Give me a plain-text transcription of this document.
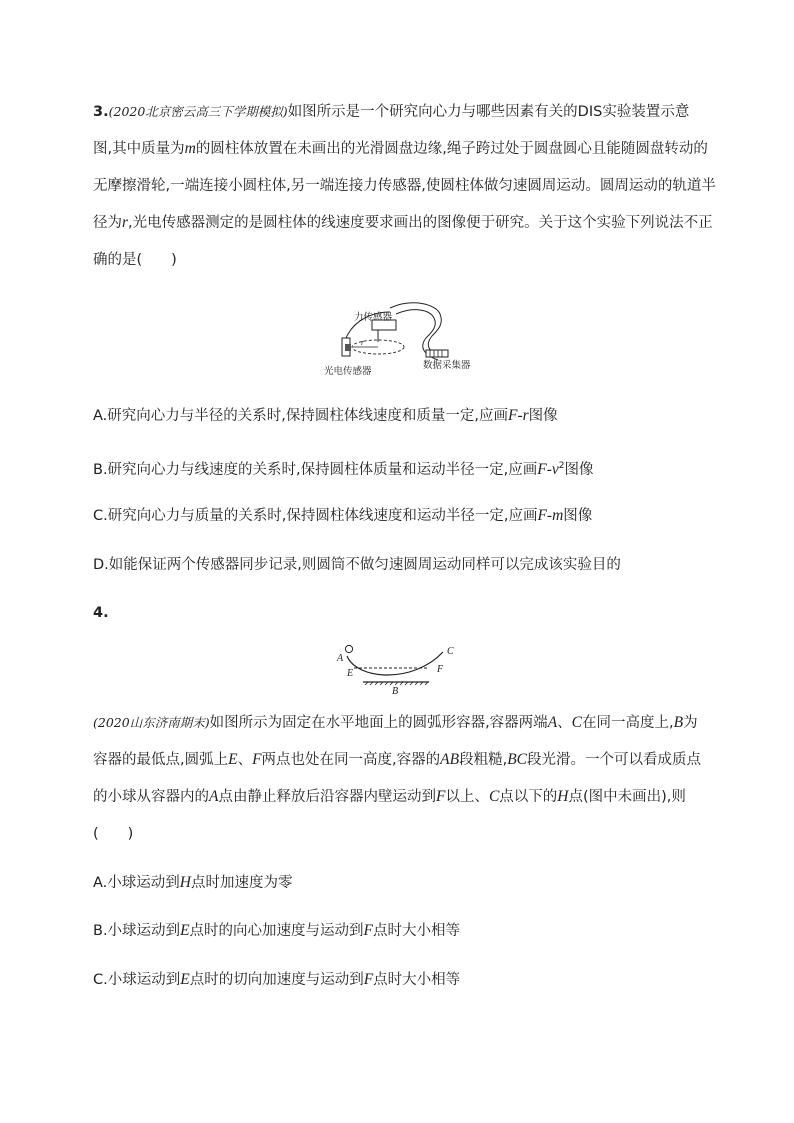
3.(2020北京密云高三下学期模拟)如图所示是一个研究向心力与哪些因素有关的DIS实验装置示意
图,其中质量为m的圆柱体放置在未画出的光滑圆盘边缘,绳子跨过处于圆盘圆心且能随圆盘转动的
无摩擦滑轮,一端连接小圆柱体,另一端连接力传感器,使圆柱体做匀速圆周运动。圆周运动的轨道半
径为r,光电传感器测定的是圆柱体的线速度要求画出的图像便于研究。关于这个实验下列说法不正
确的是(　　)
力传感器
数据采集器
光电传感器
r
A.研究向心力与半径的关系时,保持圆柱体线速度和质量一定,应画F-r图像
B.研究向心力与线速度的关系时,保持圆柱体质量和运动半径一定,应画$F-v^2$图像
C.研究向心力与质量的关系时,保持圆柱体线速度和运动半径一定,应画F-m图像
D.如能保证两个传感器同步记录,则圆筒不做匀速圆周运动同样可以完成该实验目的
4.
A
C
E	F
B
(2020山东济南期末)如图所示为固定在水平地面上的圆弧形容器,容器两端A、C在同一高度上,B为
容器的最低点,圆弧上E、F两点也处在同一高度,容器的AB段粗糙,BC段光滑。一个可以看成质点
的小球从容器内的A点由静止释放后沿容器内壁运动到F以上、C点以下的H点(图中未画出),则
(　　)
A.小球运动到H点时加速度为零
B.小球运动到E点时的向心加速度与运动到F点时大小相等
C.小球运动到E点时的切向加速度与运动到F点时大小相等
